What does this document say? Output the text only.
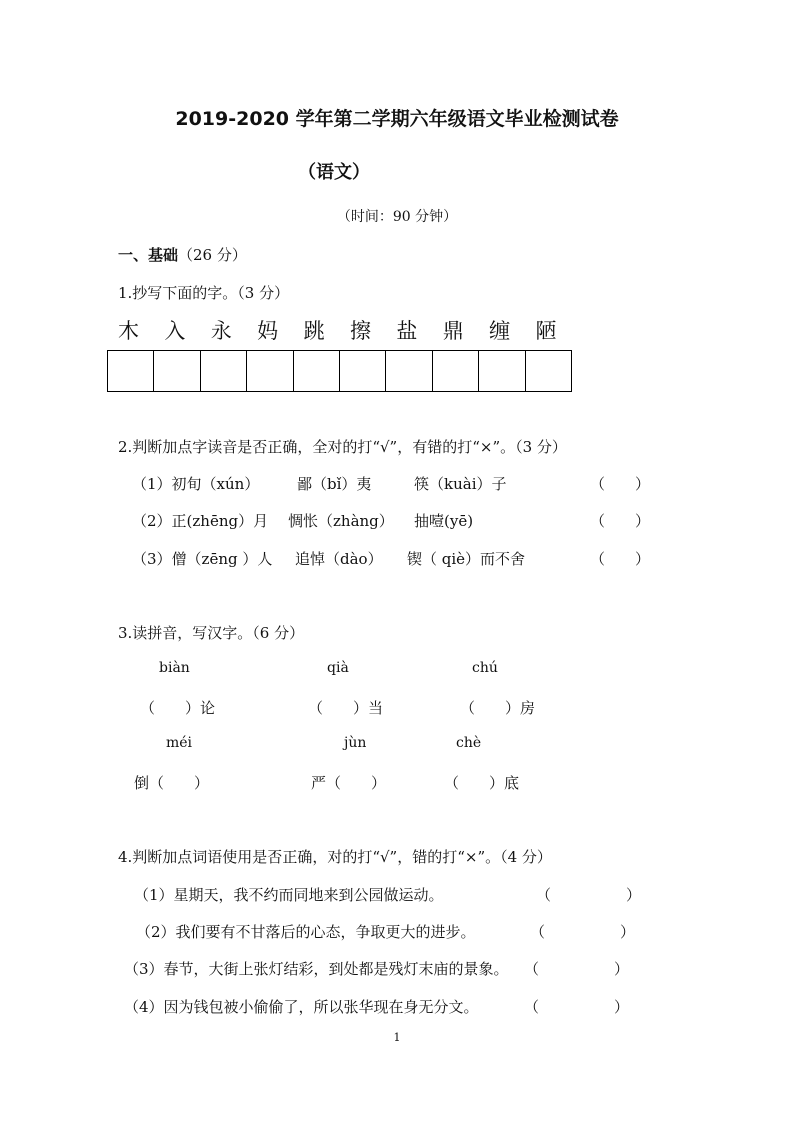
2019-2020 学年第二学期六年级语文毕业检测试卷
（语文）
（时间：90 分钟）
一、基础（26 分）
1.抄写下面的字。（3 分）
木 入 永 妈 跳 擦 盐 鼎 缠 陋
2.判断加点字读音是否正确，全对的打“√”，有错的打“×”。（3 分）
（1）初旬（xún）	鄙（bǐ）夷	筷（kuài）子	（　　）
（2）正(zhēng）月 惆怅（zhàng） 抽噎(yē)	（　　）
（3）僧（zēng ）人 追悼（dào） 锲（ qiè）而不舍	（　　）
3.读拼音，写汉字。（6 分）
biàn	qià	chú
（　　）论	（　　）当	（　　）房
méi	jùn	chè
倒（　　）	严（　　）	（　　）底
4.判断加点词语使用是否正确，对的打“√”，错的打“×”。（4 分）
（1）星期天，我不约而同地来到公园做运动。	（　　　　　）
（2）我们要有不甘落后的心态，争取更大的进步。	（　　　　　）
（3）春节，大街上张灯结彩，到处都是残灯末庙的景象。 （　　　　　）
（4）因为钱包被小偷偷了，所以张华现在身无分文。	（　　　　　）
1
